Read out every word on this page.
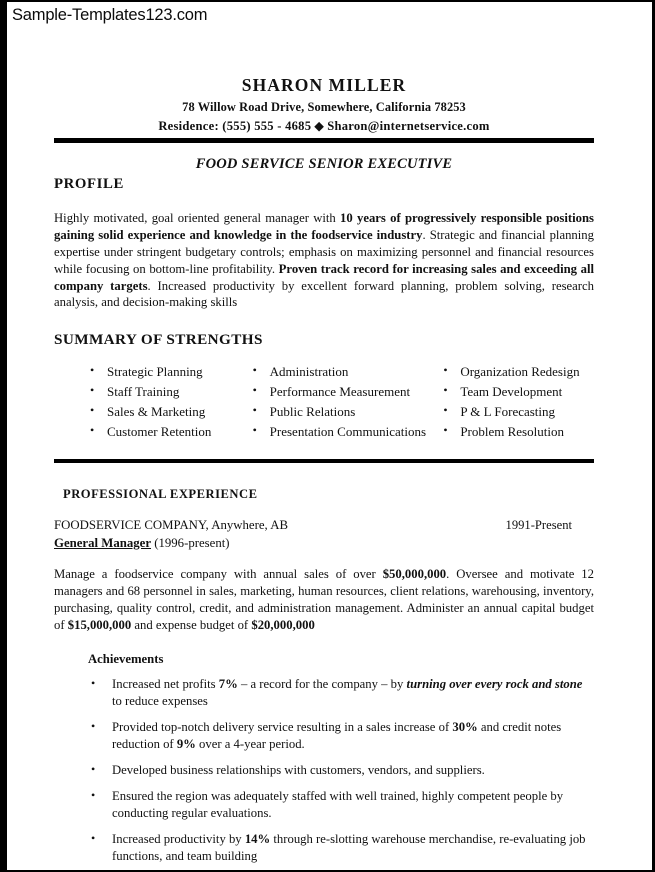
Sample-Templates123.com
SHARON MILLER
78 Willow Road Drive, Somewhere, California 78253
Residence: (555) 555 - 4685 ◆ Sharon@internetservice.com
FOOD SERVICE SENIOR EXECUTIVE
PROFILE
Highly motivated, goal oriented general manager with 10 years of progressively responsible positions gaining solid experience and knowledge in the foodservice industry. Strategic and financial planning expertise under stringent budgetary controls; emphasis on maximizing personnel and financial resources while focusing on bottom-line profitability. Proven track record for increasing sales and exceeding all company targets. Increased productivity by excellent forward planning, problem solving, research analysis, and decision-making skills
SUMMARY OF STRENGTHS
• Strategic Planning
• Staff Training
• Sales & Marketing
• Customer Retention
• Administration
• Performance Measurement
• Public Relations
• Presentation Communications
• Organization Redesign
• Team Development
• P & L Forecasting
• Problem Resolution
PROFESSIONAL EXPERIENCE
FOODSERVICE COMPANY, Anywhere, AB	1991-Present
General Manager (1996-present)
Manage a foodservice company with annual sales of over $50,000,000. Oversee and motivate 12 managers and 68 personnel in sales, marketing, human resources, client relations, warehousing, inventory, purchasing, quality control, credit, and administration management. Administer an annual capital budget of $15,000,000 and expense budget of $20,000,000
Achievements
• Increased net profits 7% – a record for the company – by turning over every rock and stone to reduce expenses
• Provided top-notch delivery service resulting in a sales increase of 30% and credit notes reduction of 9% over a 4-year period.
• Developed business relationships with customers, vendors, and suppliers.
• Ensured the region was adequately staffed with well trained, highly competent people by conducting regular evaluations.
• Increased productivity by 14% through re-slotting warehouse merchandise, re-evaluating job functions, and team building
